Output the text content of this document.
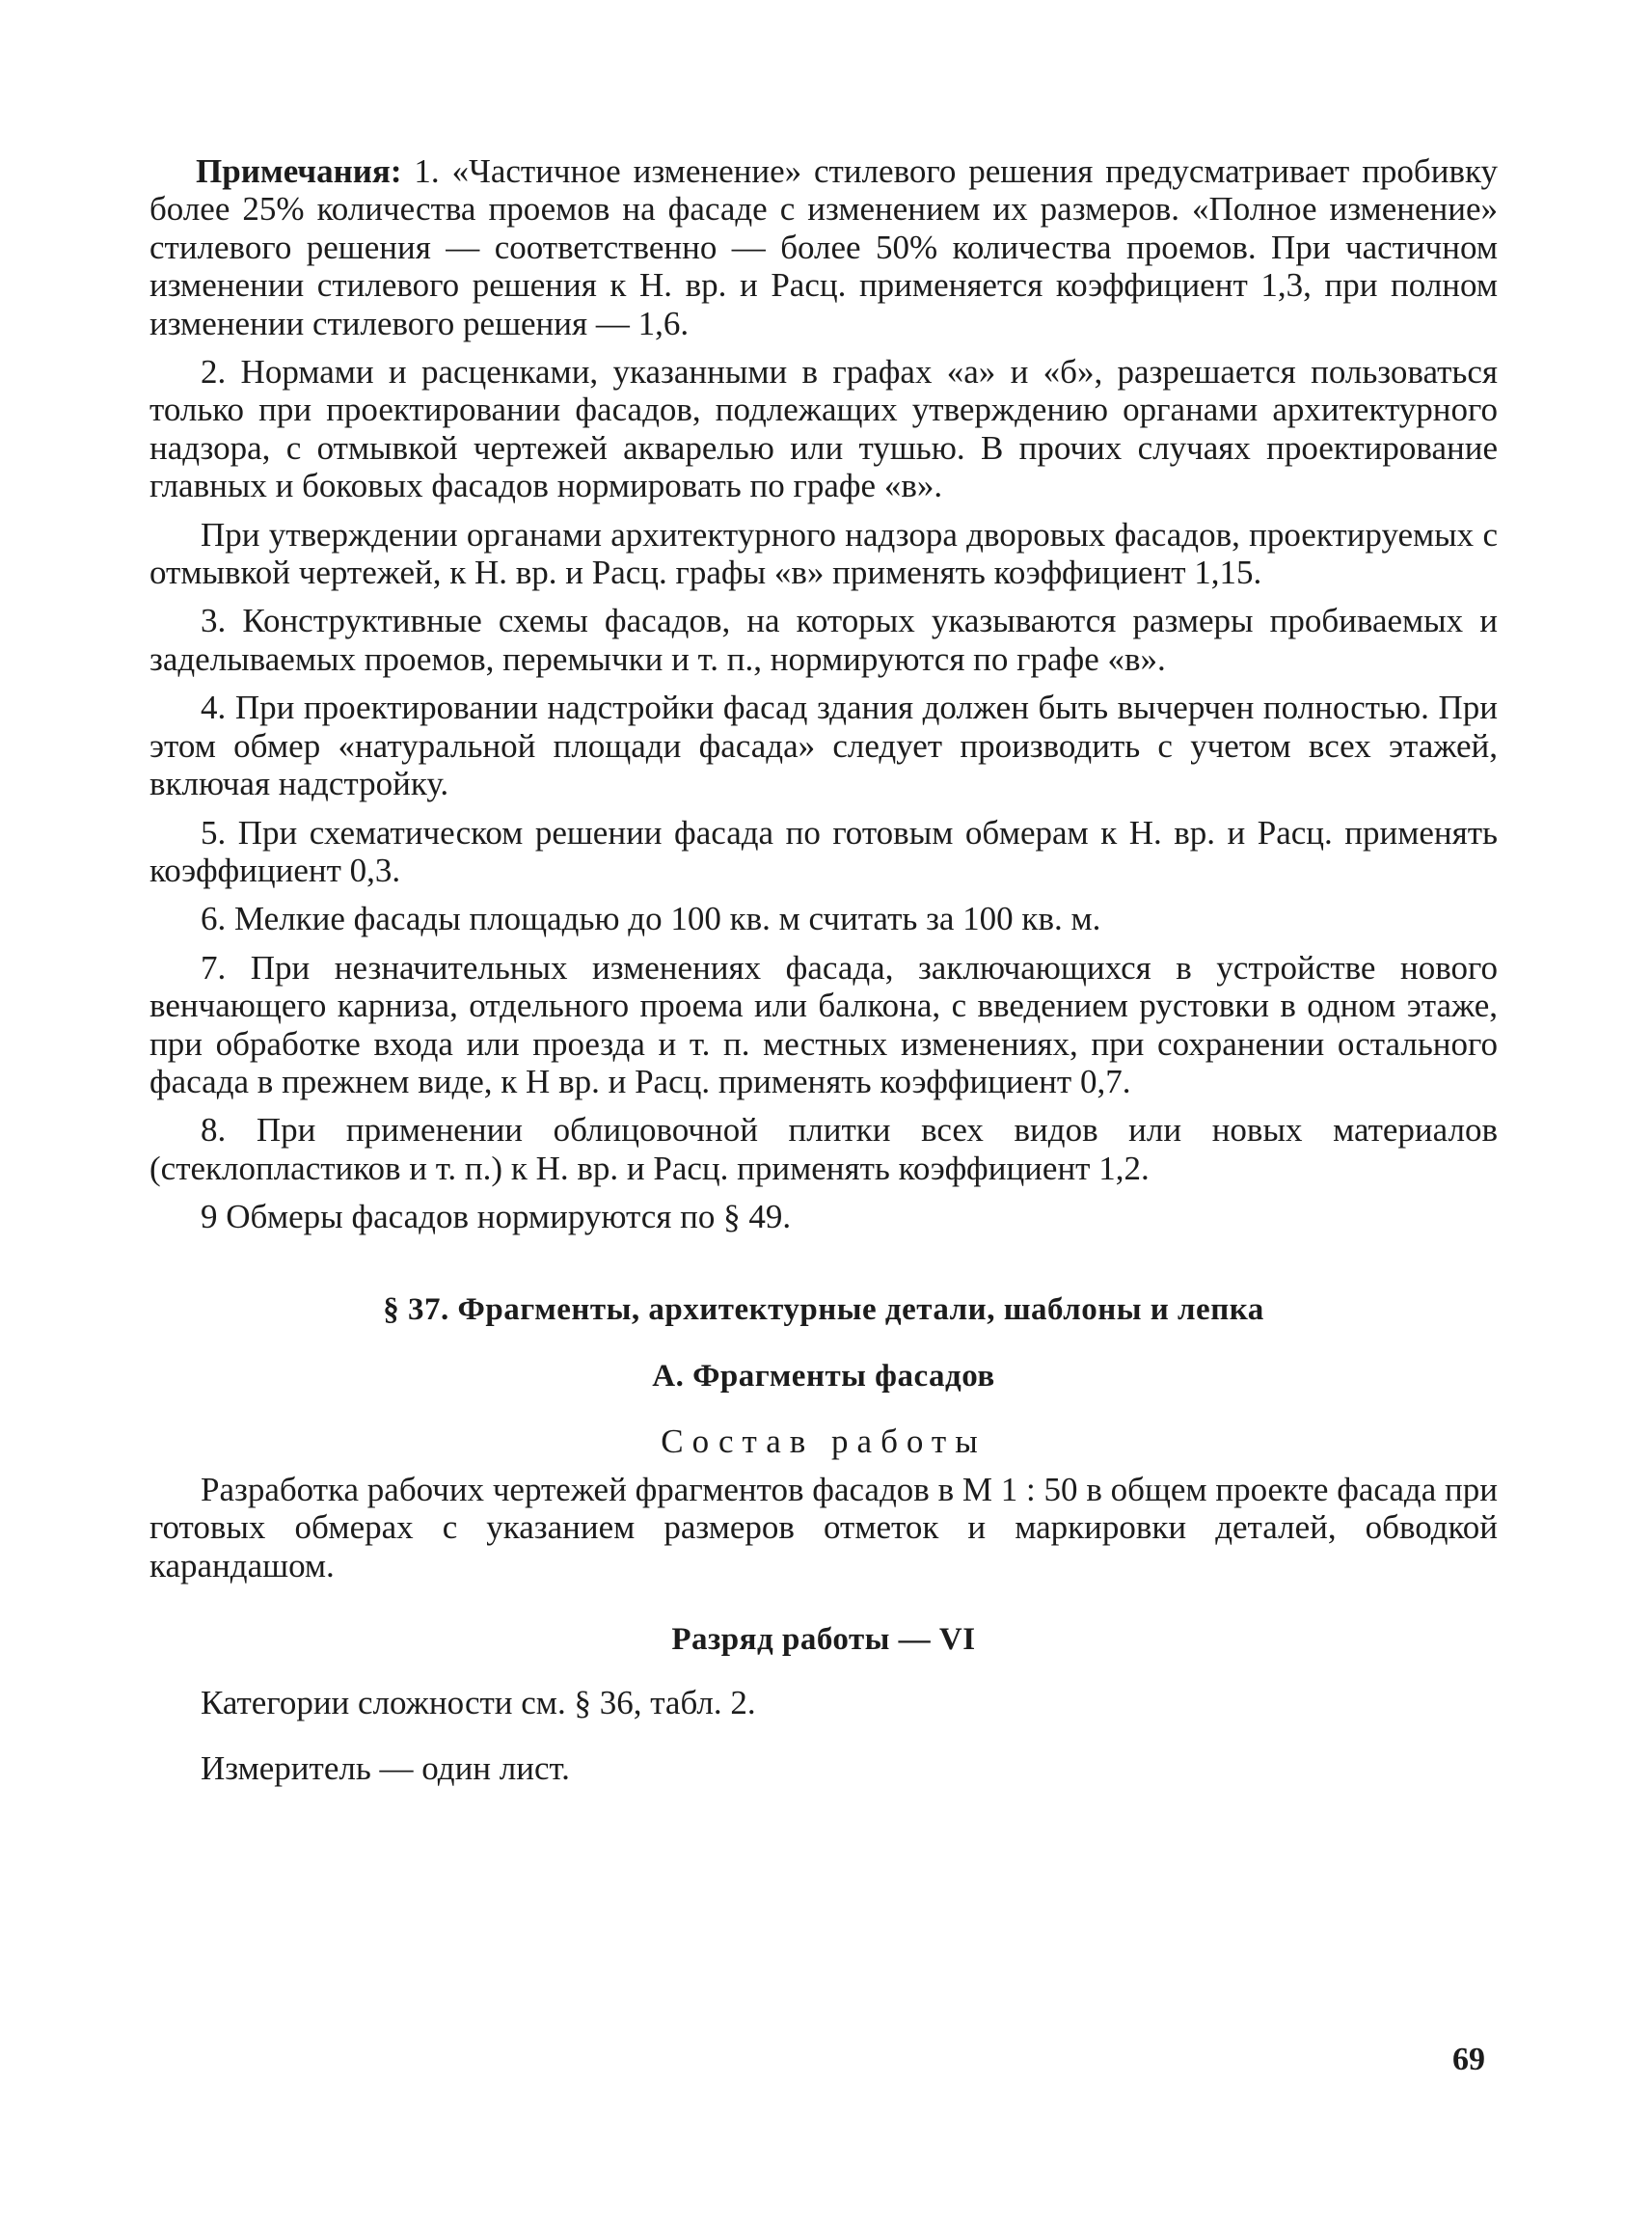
Примечания: 1. «Частичное изменение» стилевого решения предусматривает пробивку более 25% количества проемов на фасаде с изменением их размеров. «Полное изменение» стилевого решения — соответственно — более 50% количества проемов. При частичном изменении стилевого решения к Н. вр. и Расц. применяется коэффициент 1,3, при полном изменении стилевого решения — 1,6.

2. Нормами и расценками, указанными в графах «а» и «б», разрешается пользоваться только при проектировании фасадов, подлежащих утверждению органами архитектурного надзора, с отмывкой чертежей акварелью или тушью. В прочих случаях проектирование главных и боковых фасадов нормировать по графе «в».

При утверждении органами архитектурного надзора дворовых фасадов, проектируемых с отмывкой чертежей, к Н. вр. и Расц. графы «в» применять коэффициент 1,15.

3. Конструктивные схемы фасадов, на которых указываются размеры пробиваемых и заделываемых проемов, перемычки и т. п., нормируются по графе «в».

4. При проектировании надстройки фасад здания должен быть вычерчен полностью. При этом обмер «натуральной площади фасада» следует производить с учетом всех этажей, включая надстройку.

5. При схематическом решении фасада по готовым обмерам к Н. вр. и Расц. применять коэффициент 0,3.

6. Мелкие фасады площадью до 100 кв. м считать за 100 кв. м.

7. При незначительных изменениях фасада, заключающихся в устройстве нового венчающего карниза, отдельного проема или балкона, с введением рустовки в одном этаже, при обработке входа или проезда и т. п. местных изменениях, при сохранении остального фасада в прежнем виде, к Н вр. и Расц. применять коэффициент 0,7.

8. При применении облицовочной плитки всех видов или новых материалов (стеклопластиков и т. п.) к Н. вр. и Расц. применять коэффициент 1,2.

9 Обмеры фасадов нормируются по § 49.

§ 37. Фрагменты, архитектурные детали, шаблоны и лепка

А. Фрагменты фасадов

Состав работы

Разработка рабочих чертежей фрагментов фасадов в М 1 : 50 в общем проекте фасада при готовых обмерах с указанием размеров отметок и маркировки деталей, обводкой карандашом.

Разряд работы — VI

Категории сложности см. § 36, табл. 2.

Измеритель — один лист.

69
